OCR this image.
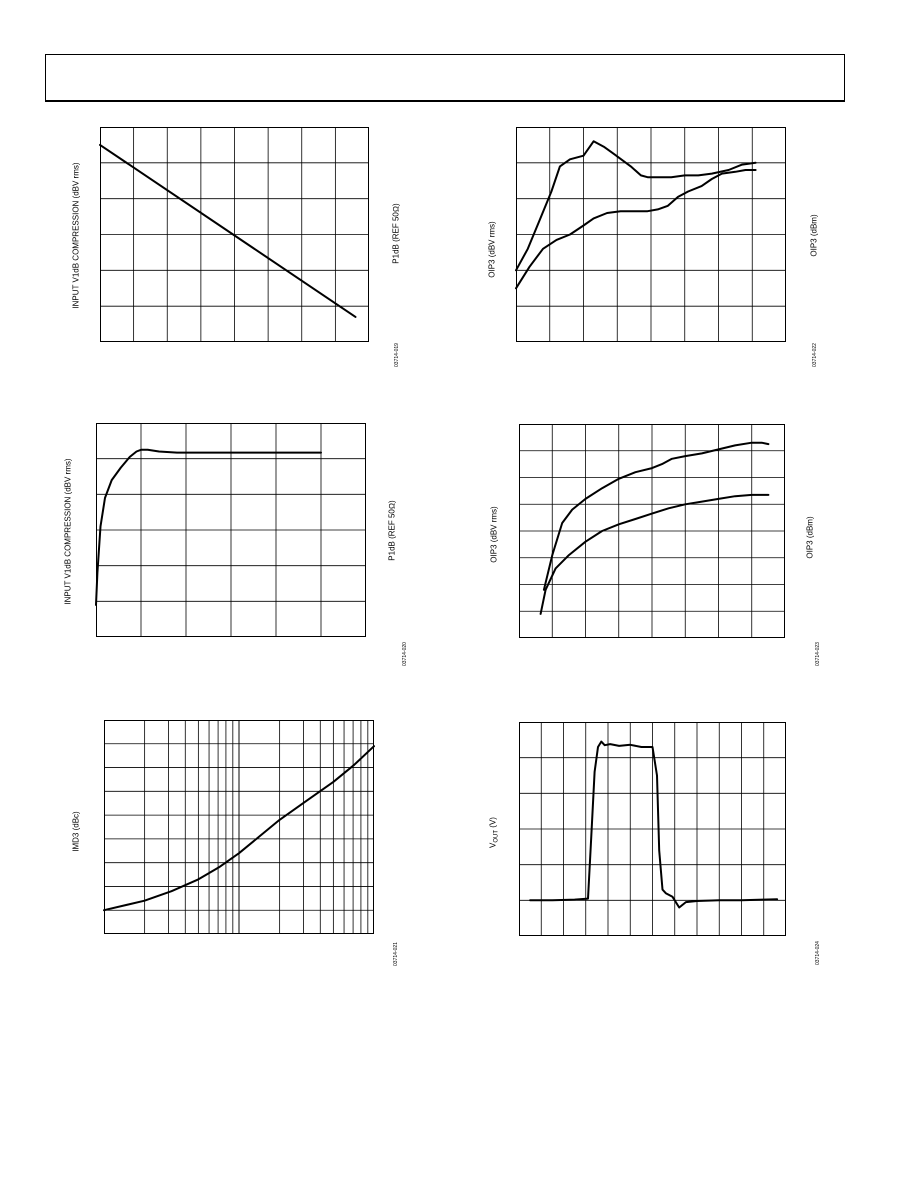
INPUT V1dB COMPRESSION (dBV rms)	P1dB (REF 50Ω)
03714-019
OIP3 (dBV rms)	OIP3 (dBm)
03714-022
INPUT V1dB COMPRESSION (dBV rms)	P1dB (REF 50Ω)
03714-020
OIP3 (dBV rms)	OIP3 (dBm)
03714-023
IMD3 (dBc)
03714-021
$V_{OUT}$ (V)
03714-024
